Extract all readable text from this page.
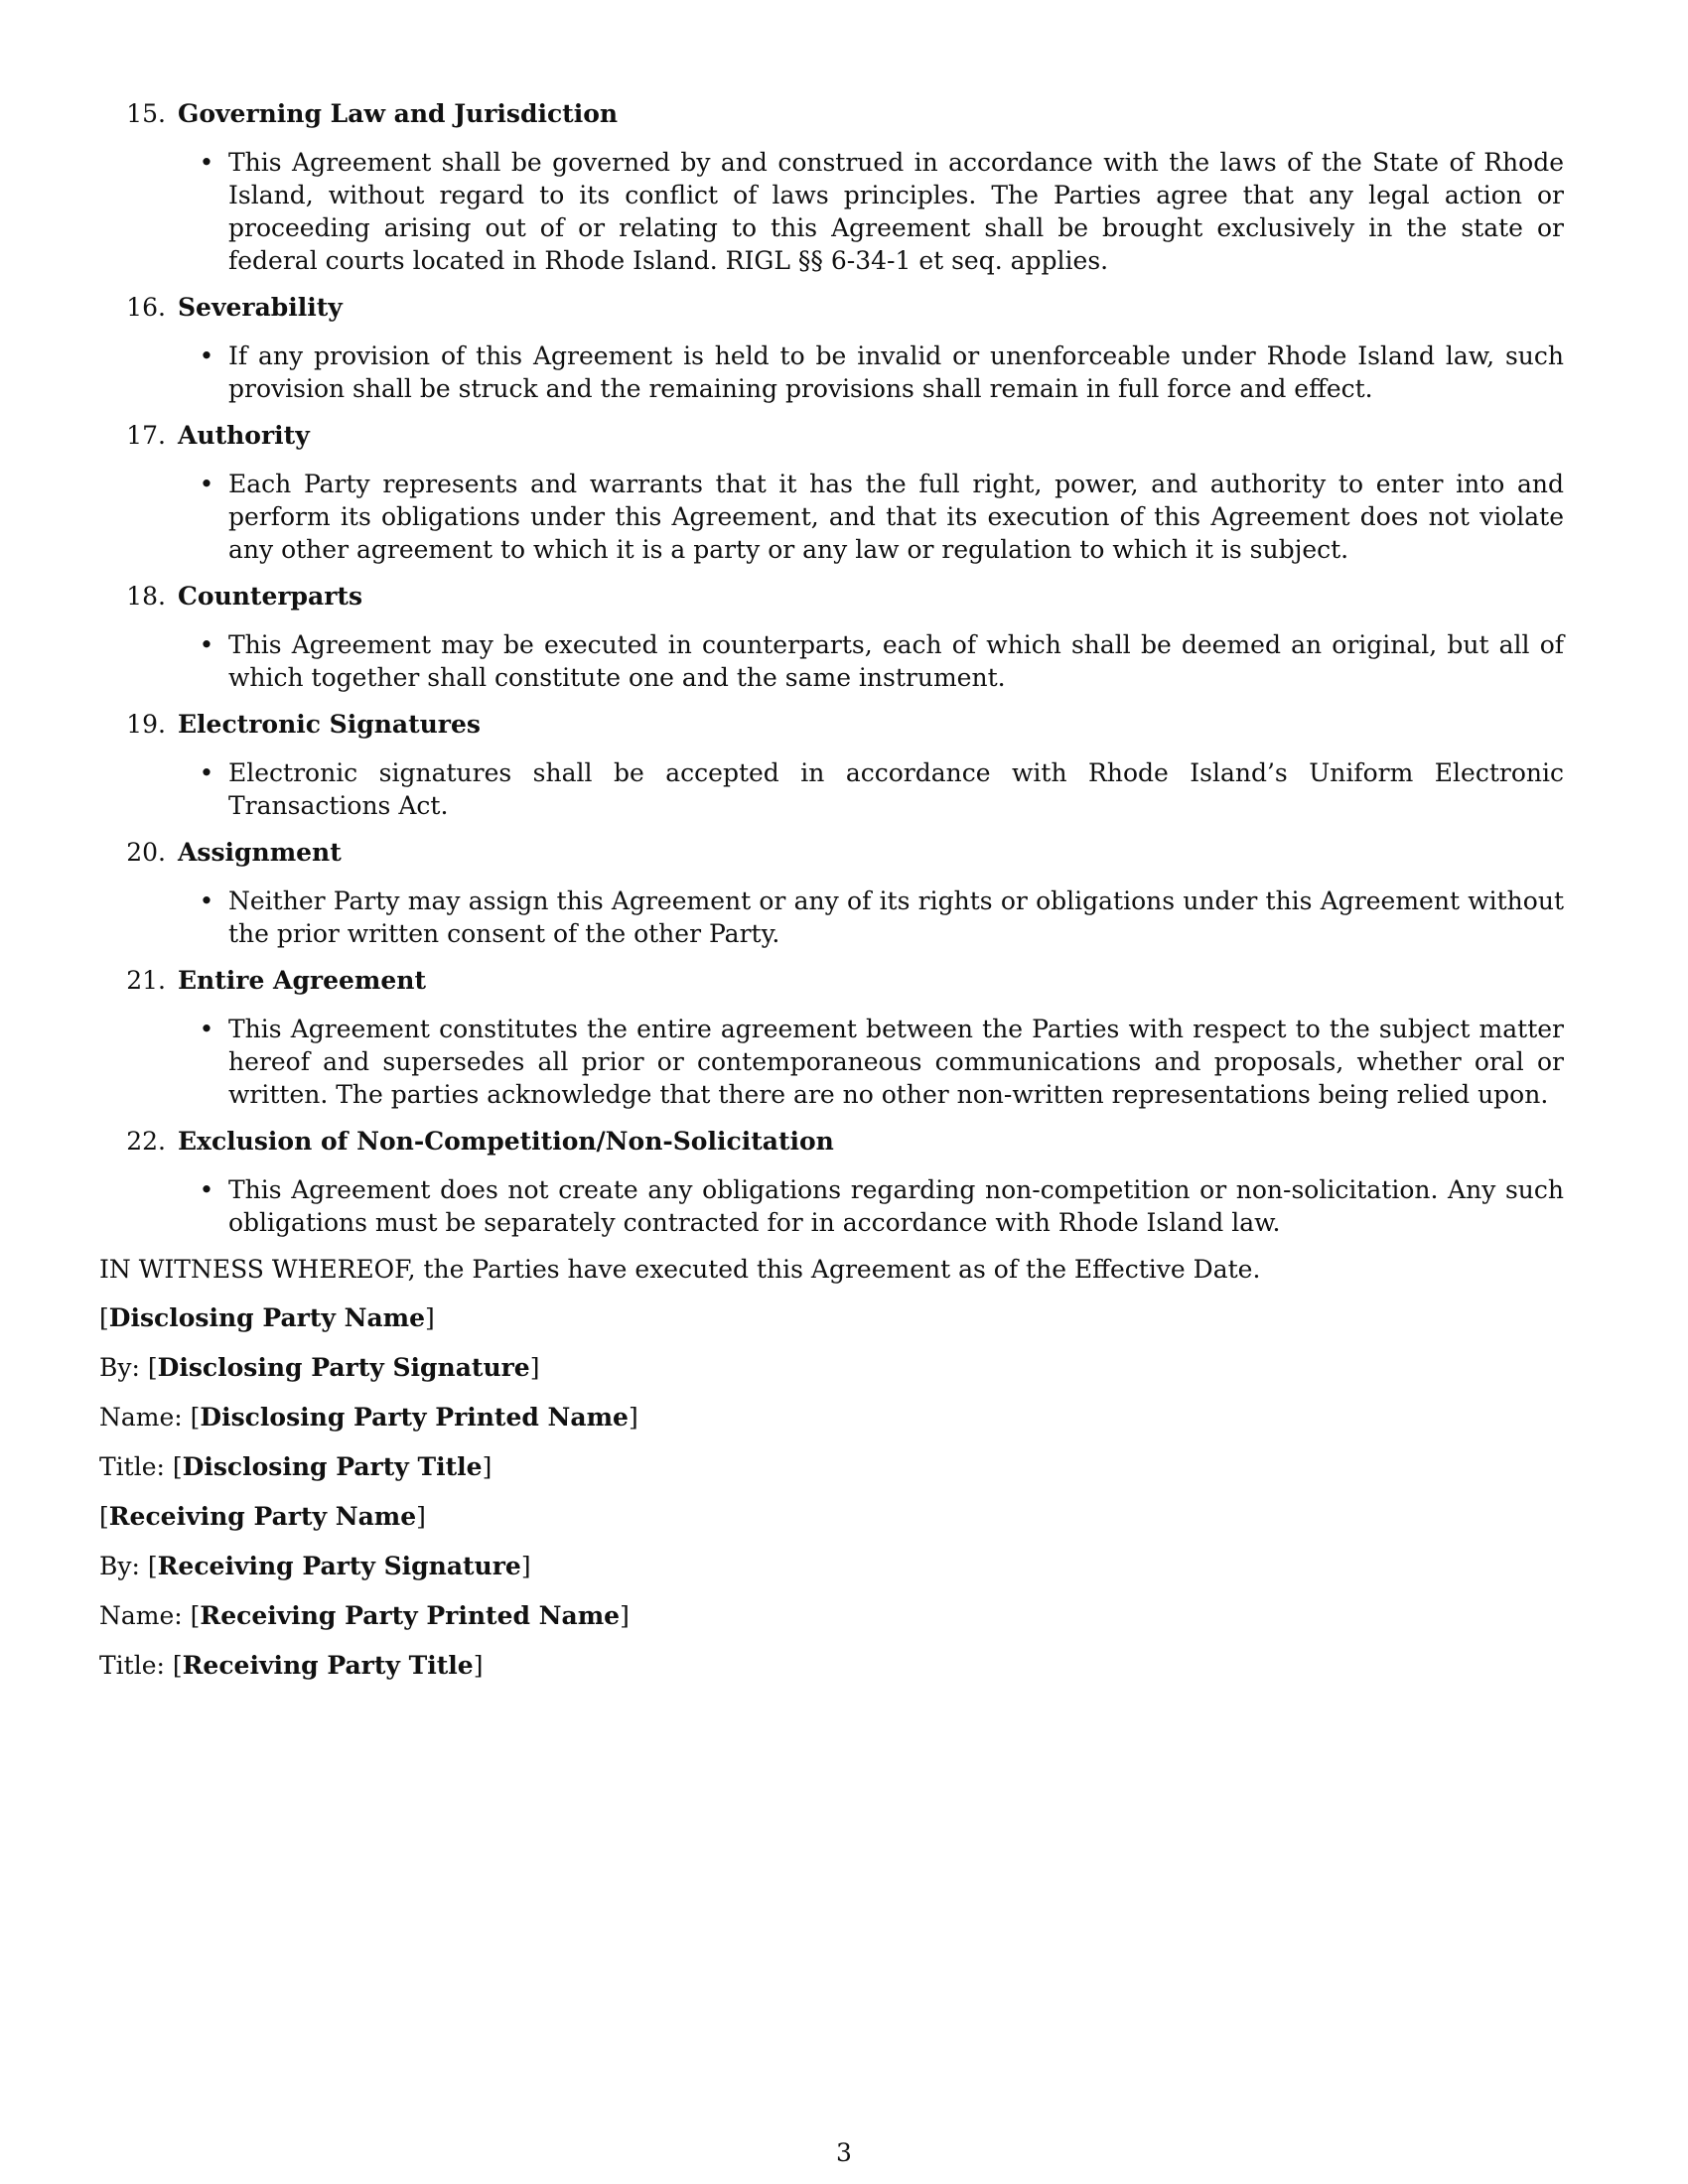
15 . Governing Law and Jurisdiction
• This Agreement shall be governed by and construed in accordance with the laws of the State of Rhode Island, without regard to its conflict of laws principles. The Parties agree that any legal action or proceeding arising out of or relating to this Agreement shall be brought exclusively in the state or federal courts located in Rhode Island. RIGL §§ 6-34-1 et seq. applies.
16 . Severability
• If any provision of this Agreement is held to be invalid or unenforceable under Rhode Island law, such provision shall be struck and the remaining provisions shall remain in full force and effect.
17 . Authority
• Each Party represents and warrants that it has the full right, power, and authority to enter into and perform its obligations under this Agreement, and that its execution of this Agreement does not violate any other agreement to which it is a party or any law or regulation to which it is subject.
18 . Counterparts
• This Agreement may be executed in counterparts, each of which shall be deemed an original, but all of which together shall constitute one and the same instrument.
19 . Electronic Signatures
• Electronic signatures shall be accepted in accordance with Rhode Island’s Uniform Electronic Transactions Act.
20 . Assignment
• Neither Party may assign this Agreement or any of its rights or obligations under this Agreement without the prior written consent of the other Party.
21 . Entire Agreement
• This Agreement constitutes the entire agreement between the Parties with respect to the subject matter hereof and supersedes all prior or contemporaneous communications and proposals, whether oral or written. The parties acknowledge that there are no other non-written representations being relied upon.
22 . Exclusion of Non-Competition/Non-Solicitation
• This Agreement does not create any obligations regarding non-competition or non-solicitation. Any such obligations must be separately contracted for in accordance with Rhode Island law.

IN WITNESS WHEREOF, the Parties have executed this Agreement as of the Effective Date.

[Disclosing Party Name]
By: [Disclosing Party Signature]
Name: [Disclosing Party Printed Name]
Title: [Disclosing Party Title]
[Receiving Party Name]
By: [Receiving Party Signature]
Name: [Receiving Party Printed Name]
Title: [Receiving Party Title]
3
